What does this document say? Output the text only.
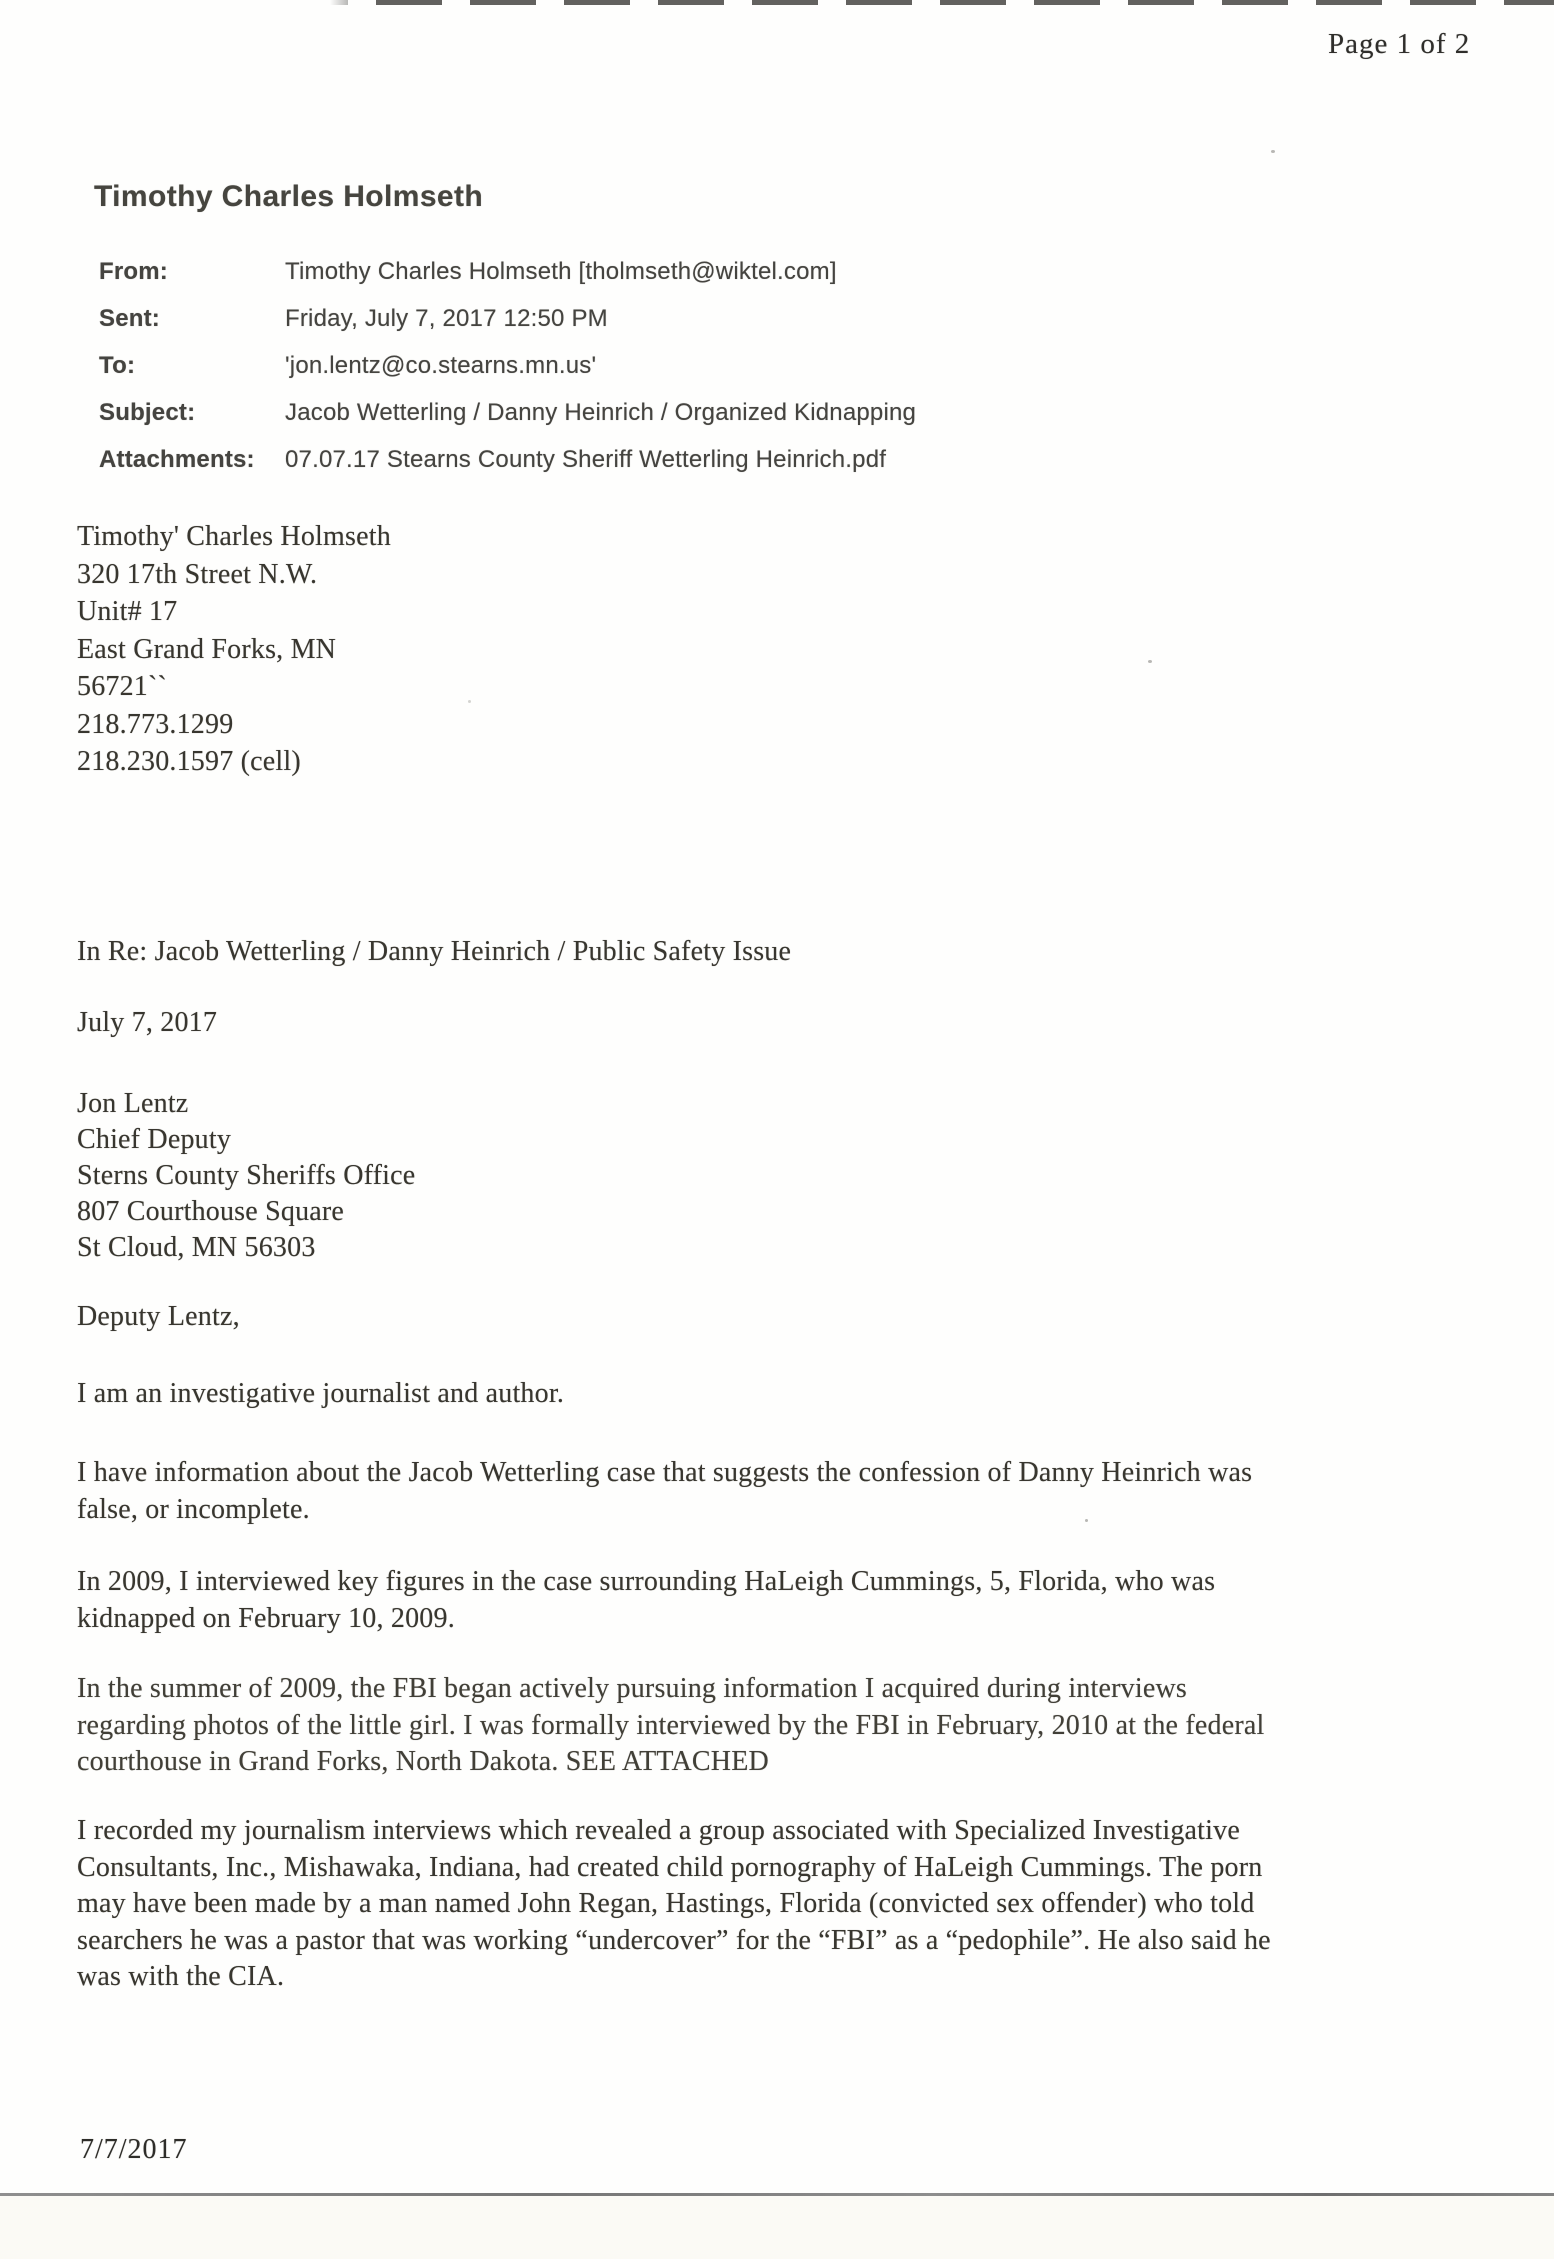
Page 1 of 2
Timothy Charles Holmseth
From:	Timothy Charles Holmseth [tholmseth@wiktel.com]
Sent:	Friday, July 7, 2017 12:50 PM
To:	'jon.lentz@co.stearns.mn.us'
Subject:	Jacob Wetterling / Danny Heinrich / Organized Kidnapping
Attachments:	07.07.17 Stearns County Sheriff Wetterling Heinrich.pdf
Timothy' Charles Holmseth
320 17th Street N.W.
Unit# 17
East Grand Forks, MN
56721ˋˋ
218.773.1299
218.230.1597 (cell)
In Re: Jacob Wetterling / Danny Heinrich / Public Safety Issue
July 7, 2017
Jon Lentz
Chief Deputy
Sterns County Sheriffs Office
807 Courthouse Square
St Cloud, MN 56303
Deputy Lentz,
I am an investigative journalist and author.
I have information about the Jacob Wetterling case that suggests the confession of Danny Heinrich was
false, or incomplete.
In 2009, I interviewed key figures in the case surrounding HaLeigh Cummings, 5, Florida, who was
kidnapped on February 10, 2009.
In the summer of 2009, the FBI began actively pursuing information I acquired during interviews
regarding photos of the little girl. I was formally interviewed by the FBI in February, 2010 at the federal
courthouse in Grand Forks, North Dakota. SEE ATTACHED
I recorded my journalism interviews which revealed a group associated with Specialized Investigative
Consultants, Inc., Mishawaka, Indiana, had created child pornography of HaLeigh Cummings. The porn
may have been made by a man named John Regan, Hastings, Florida (convicted sex offender) who told
searchers he was a pastor that was working “undercover” for the “FBI” as a “pedophile”. He also said he
was with the CIA.
7/7/2017
